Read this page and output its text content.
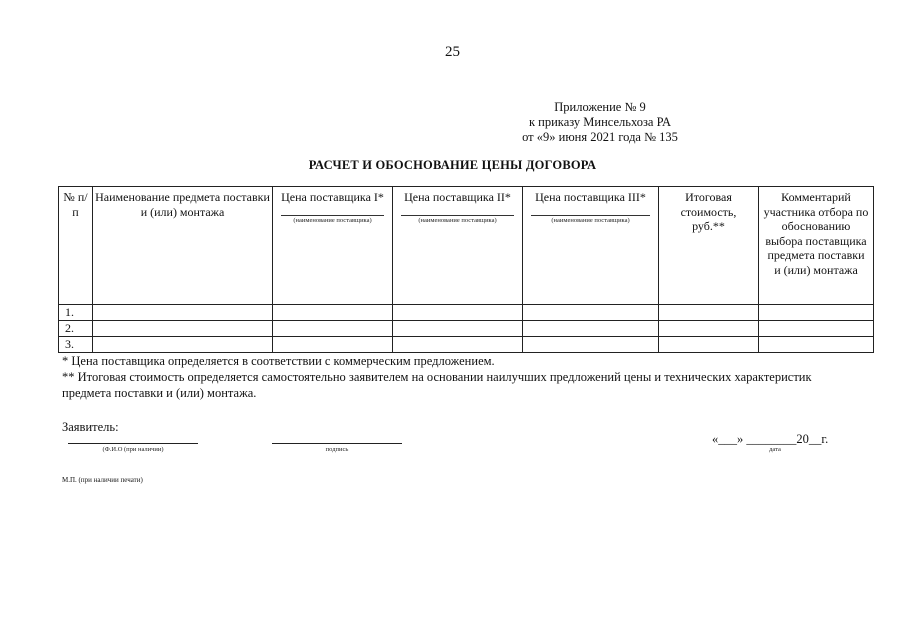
25
Приложение № 9
к приказу Минсельхоза РА
от «9» июня 2021 года № 135
РАСЧЕТ И ОБОСНОВАНИЕ ЦЕНЫ ДОГОВОРА
№ п/п	Наименование предмета поставки и (или) монтажа	Цена поставщика I*
(наименование поставщика)	Цена поставщика II*
(наименование поставщика)	Цена поставщика III*
(наименование поставщика)	Итоговая стоимость, руб.**	Комментарий участника отбора по обоснованию выбора поставщика предмета поставки и (или) монтажа

1.						
2.						
3.						
* Цена поставщика определяется в соответствии с коммерческим предложением.
** Итоговая стоимость определяется самостоятельно заявителем на основании наилучших предложений цены и технических характеристик
предмета поставки и (или) монтажа.
Заявитель:
(Ф.И.О (при наличии)	подпись
«___» ________20__г.
дата
М.П. (при наличии печати)
